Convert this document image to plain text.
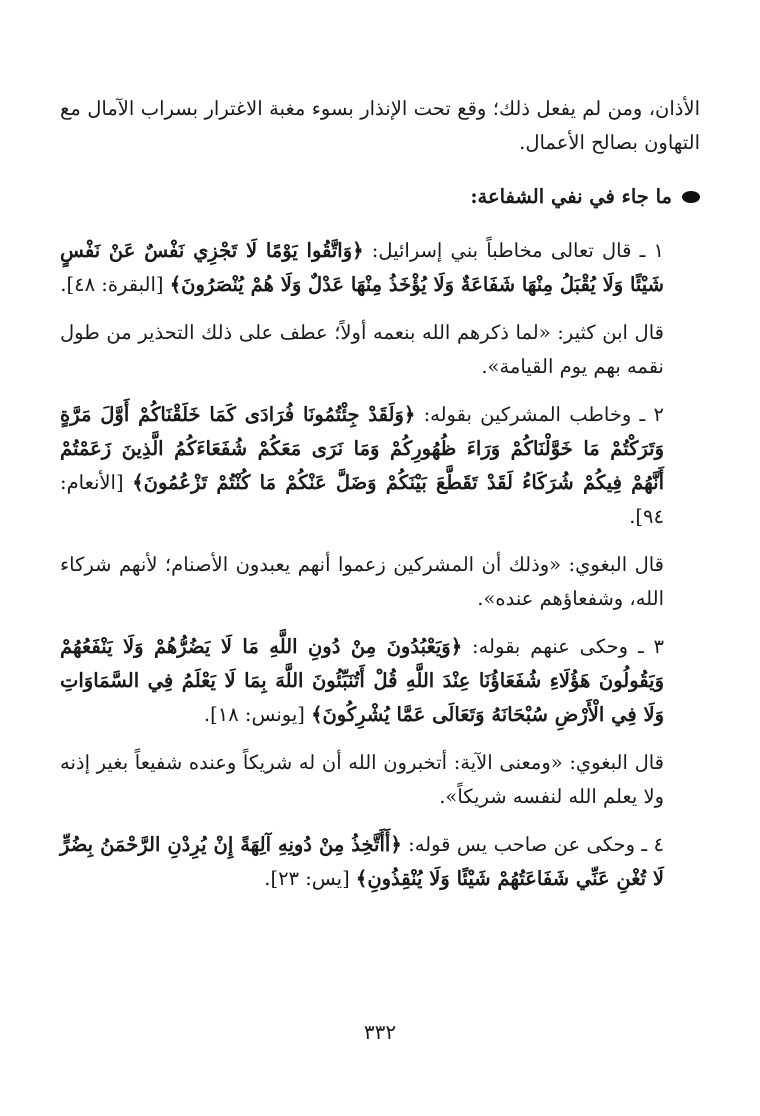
الأذان، ومن لم يفعل ذلك؛ وقع تحت الإنذار بسوء مغبة الاغترار بسراب الآمال مع التهاون بصالح الأعمال.

ما جاء في نفي الشفاعة:

١ ـ قال تعالى مخاطباً بني إسرائيل: ﴿وَاتَّقُوا يَوْمًا لَا تَجْزِي نَفْسٌ عَنْ نَفْسٍ شَيْئًا وَلَا يُقْبَلُ مِنْهَا شَفَاعَةٌ وَلَا يُؤْخَذُ مِنْهَا عَدْلٌ وَلَا هُمْ يُنْصَرُونَ﴾ [البقرة: ٤٨].

قال ابن كثير: «لما ذكرهم الله بنعمه أولاً؛ عطف على ذلك التحذير من طول نقمه بهم يوم القيامة».

٢ ـ وخاطب المشركين بقوله: ﴿وَلَقَدْ جِئْتُمُونَا فُرَادَى كَمَا خَلَقْنَاكُمْ أَوَّلَ مَرَّةٍ وَتَرَكْتُمْ مَا خَوَّلْنَاكُمْ وَرَاءَ ظُهُورِكُمْ وَمَا نَرَى مَعَكُمْ شُفَعَاءَكُمُ الَّذِينَ زَعَمْتُمْ أَنَّهُمْ فِيكُمْ شُرَكَاءُ لَقَدْ تَقَطَّعَ بَيْنَكُمْ وَضَلَّ عَنْكُمْ مَا كُنْتُمْ تَزْعُمُونَ﴾ [الأنعام: ٩٤].

قال البغوي: «وذلك أن المشركين زعموا أنهم يعبدون الأصنام؛ لأنهم شركاء الله، وشفعاؤهم عنده».

٣ ـ وحكى عنهم بقوله: ﴿وَيَعْبُدُونَ مِنْ دُونِ اللَّهِ مَا لَا يَضُرُّهُمْ وَلَا يَنْفَعُهُمْ وَيَقُولُونَ هَؤُلَاءِ شُفَعَاؤُنَا عِنْدَ اللَّهِ قُلْ أَتُنَبِّئُونَ اللَّهَ بِمَا لَا يَعْلَمُ فِي السَّمَاوَاتِ وَلَا فِي الْأَرْضِ سُبْحَانَهُ وَتَعَالَى عَمَّا يُشْرِكُونَ﴾ [يونس: ١٨].

قال البغوي: «ومعنى الآية: أتخبرون الله أن له شريكاً وعنده شفيعاً بغير إذنه ولا يعلم الله لنفسه شريكاً».

٤ ـ وحكى عن صاحب يس قوله: ﴿أَأَتَّخِذُ مِنْ دُونِهِ آلِهَةً إِنْ يُرِدْنِ الرَّحْمَنُ بِضُرٍّ لَا تُغْنِ عَنِّي شَفَاعَتُهُمْ شَيْئًا وَلَا يُنْقِذُونِ﴾ [يس: ٢٣].

٣٣٢
